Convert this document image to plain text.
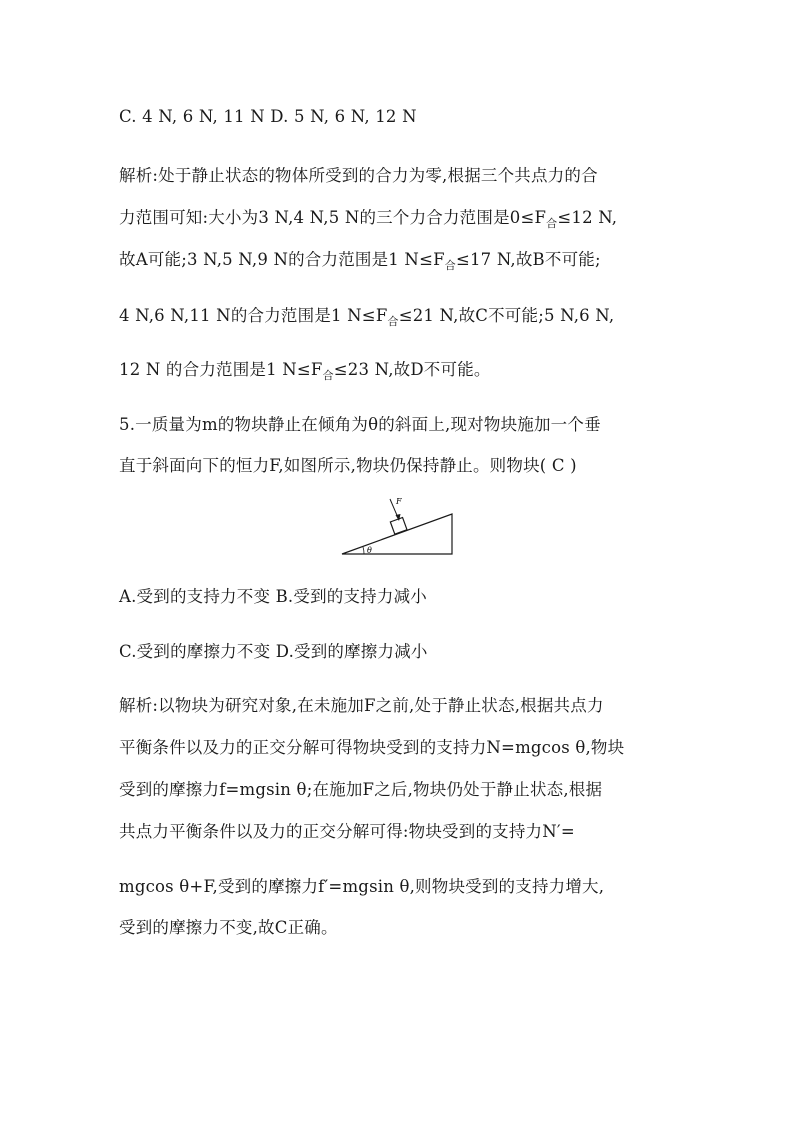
C. 4 N, 6 N, 11 N D. 5 N, 6 N, 12 N
解析:处于静止状态的物体所受到的合力为零,根据三个共点力的合
力范围可知:大小为3 N,4 N,5 N的三个力合力范围是$0\le F_合\le 12$ N,
故A可能;3 N,5 N,9 N的合力范围是1 $N\le F_合\le 17$ N,故B不可能;
4 N,6 N,11 N的合力范围是1 $N\le F_合\le 21$ N,故C不可能;5 N,6 N,
12 N 的合力范围是1 $N\le F_合\le 23$ N,故D不可能。
5.一质量为m的物块静止在倾角为θ的斜面上,现对物块施加一个垂
直于斜面向下的恒力F,如图所示,物块仍保持静止。则物块( C )
F
θ
A.受到的支持力不变 B.受到的支持力减小
C.受到的摩擦力不变 D.受到的摩擦力减小
解析:以物块为研究对象,在未施加F之前,处于静止状态,根据共点力
平衡条件以及力的正交分解可得物块受到的支持力N=mgcos θ,物块
受到的摩擦力f=mgsin θ;在施加F之后,物块仍处于静止状态,根据
共点力平衡条件以及力的正交分解可得:物块受到的支持力N′=
mgcos θ+F,受到的摩擦力f′=mgsin θ,则物块受到的支持力增大,
受到的摩擦力不变,故C正确。
